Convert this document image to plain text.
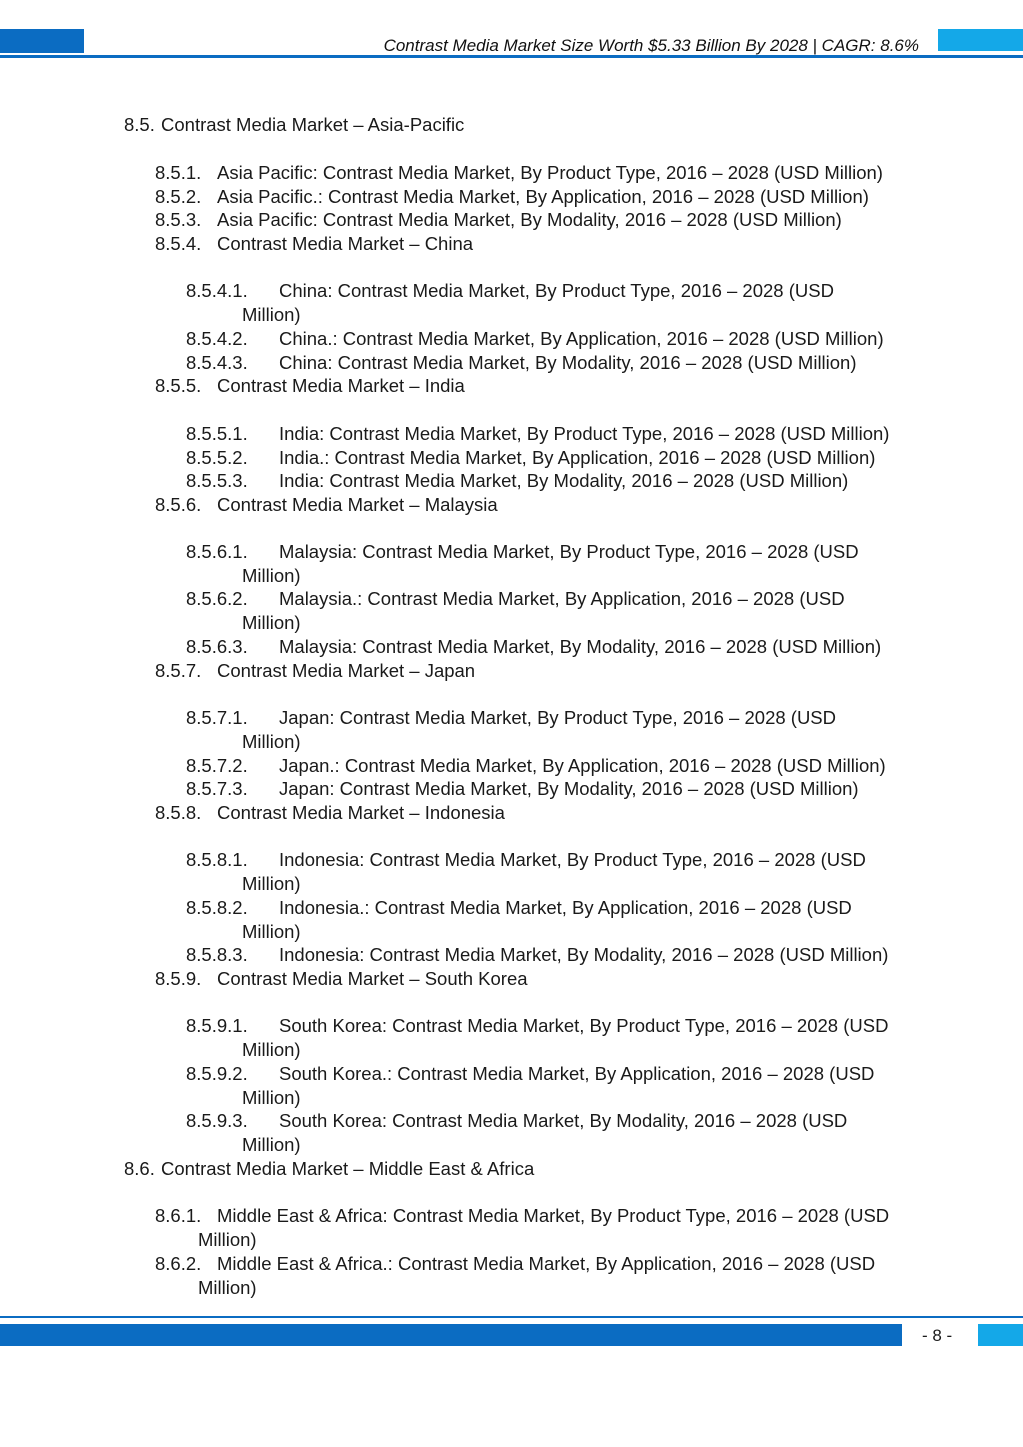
Contrast Media Market Size Worth $5.33 Billion By 2028 | CAGR: 8.6%
8.5. Contrast Media Market – Asia-Pacific
8.5.1. Asia Pacific: Contrast Media Market, By Product Type, 2016 – 2028 (USD Million)
8.5.2. Asia Pacific.: Contrast Media Market, By Application, 2016 – 2028 (USD Million)
8.5.3. Asia Pacific: Contrast Media Market, By Modality, 2016 – 2028 (USD Million)
8.5.4. Contrast Media Market – China
8.5.4.1. China: Contrast Media Market, By Product Type, 2016 – 2028 (USD
Million)
8.5.4.2. China.: Contrast Media Market, By Application, 2016 – 2028 (USD Million)
8.5.4.3. China: Contrast Media Market, By Modality, 2016 – 2028 (USD Million)
8.5.5. Contrast Media Market – India
8.5.5.1. India: Contrast Media Market, By Product Type, 2016 – 2028 (USD Million)
8.5.5.2. India.: Contrast Media Market, By Application, 2016 – 2028 (USD Million)
8.5.5.3. India: Contrast Media Market, By Modality, 2016 – 2028 (USD Million)
8.5.6. Contrast Media Market – Malaysia
8.5.6.1. Malaysia: Contrast Media Market, By Product Type, 2016 – 2028 (USD
Million)
8.5.6.2. Malaysia.: Contrast Media Market, By Application, 2016 – 2028 (USD
Million)
8.5.6.3. Malaysia: Contrast Media Market, By Modality, 2016 – 2028 (USD Million)
8.5.7. Contrast Media Market – Japan
8.5.7.1. Japan: Contrast Media Market, By Product Type, 2016 – 2028 (USD
Million)
8.5.7.2. Japan.: Contrast Media Market, By Application, 2016 – 2028 (USD Million)
8.5.7.3. Japan: Contrast Media Market, By Modality, 2016 – 2028 (USD Million)
8.5.8. Contrast Media Market – Indonesia
8.5.8.1. Indonesia: Contrast Media Market, By Product Type, 2016 – 2028 (USD
Million)
8.5.8.2. Indonesia.: Contrast Media Market, By Application, 2016 – 2028 (USD
Million)
8.5.8.3. Indonesia: Contrast Media Market, By Modality, 2016 – 2028 (USD Million)
8.5.9. Contrast Media Market – South Korea
8.5.9.1. South Korea: Contrast Media Market, By Product Type, 2016 – 2028 (USD
Million)
8.5.9.2. South Korea.: Contrast Media Market, By Application, 2016 – 2028 (USD
Million)
8.5.9.3. South Korea: Contrast Media Market, By Modality, 2016 – 2028 (USD
Million)
8.6. Contrast Media Market – Middle East & Africa
8.6.1. Middle East & Africa: Contrast Media Market, By Product Type, 2016 – 2028 (USD
Million)
8.6.2. Middle East & Africa.: Contrast Media Market, By Application, 2016 – 2028 (USD
Million)
- 8 -
